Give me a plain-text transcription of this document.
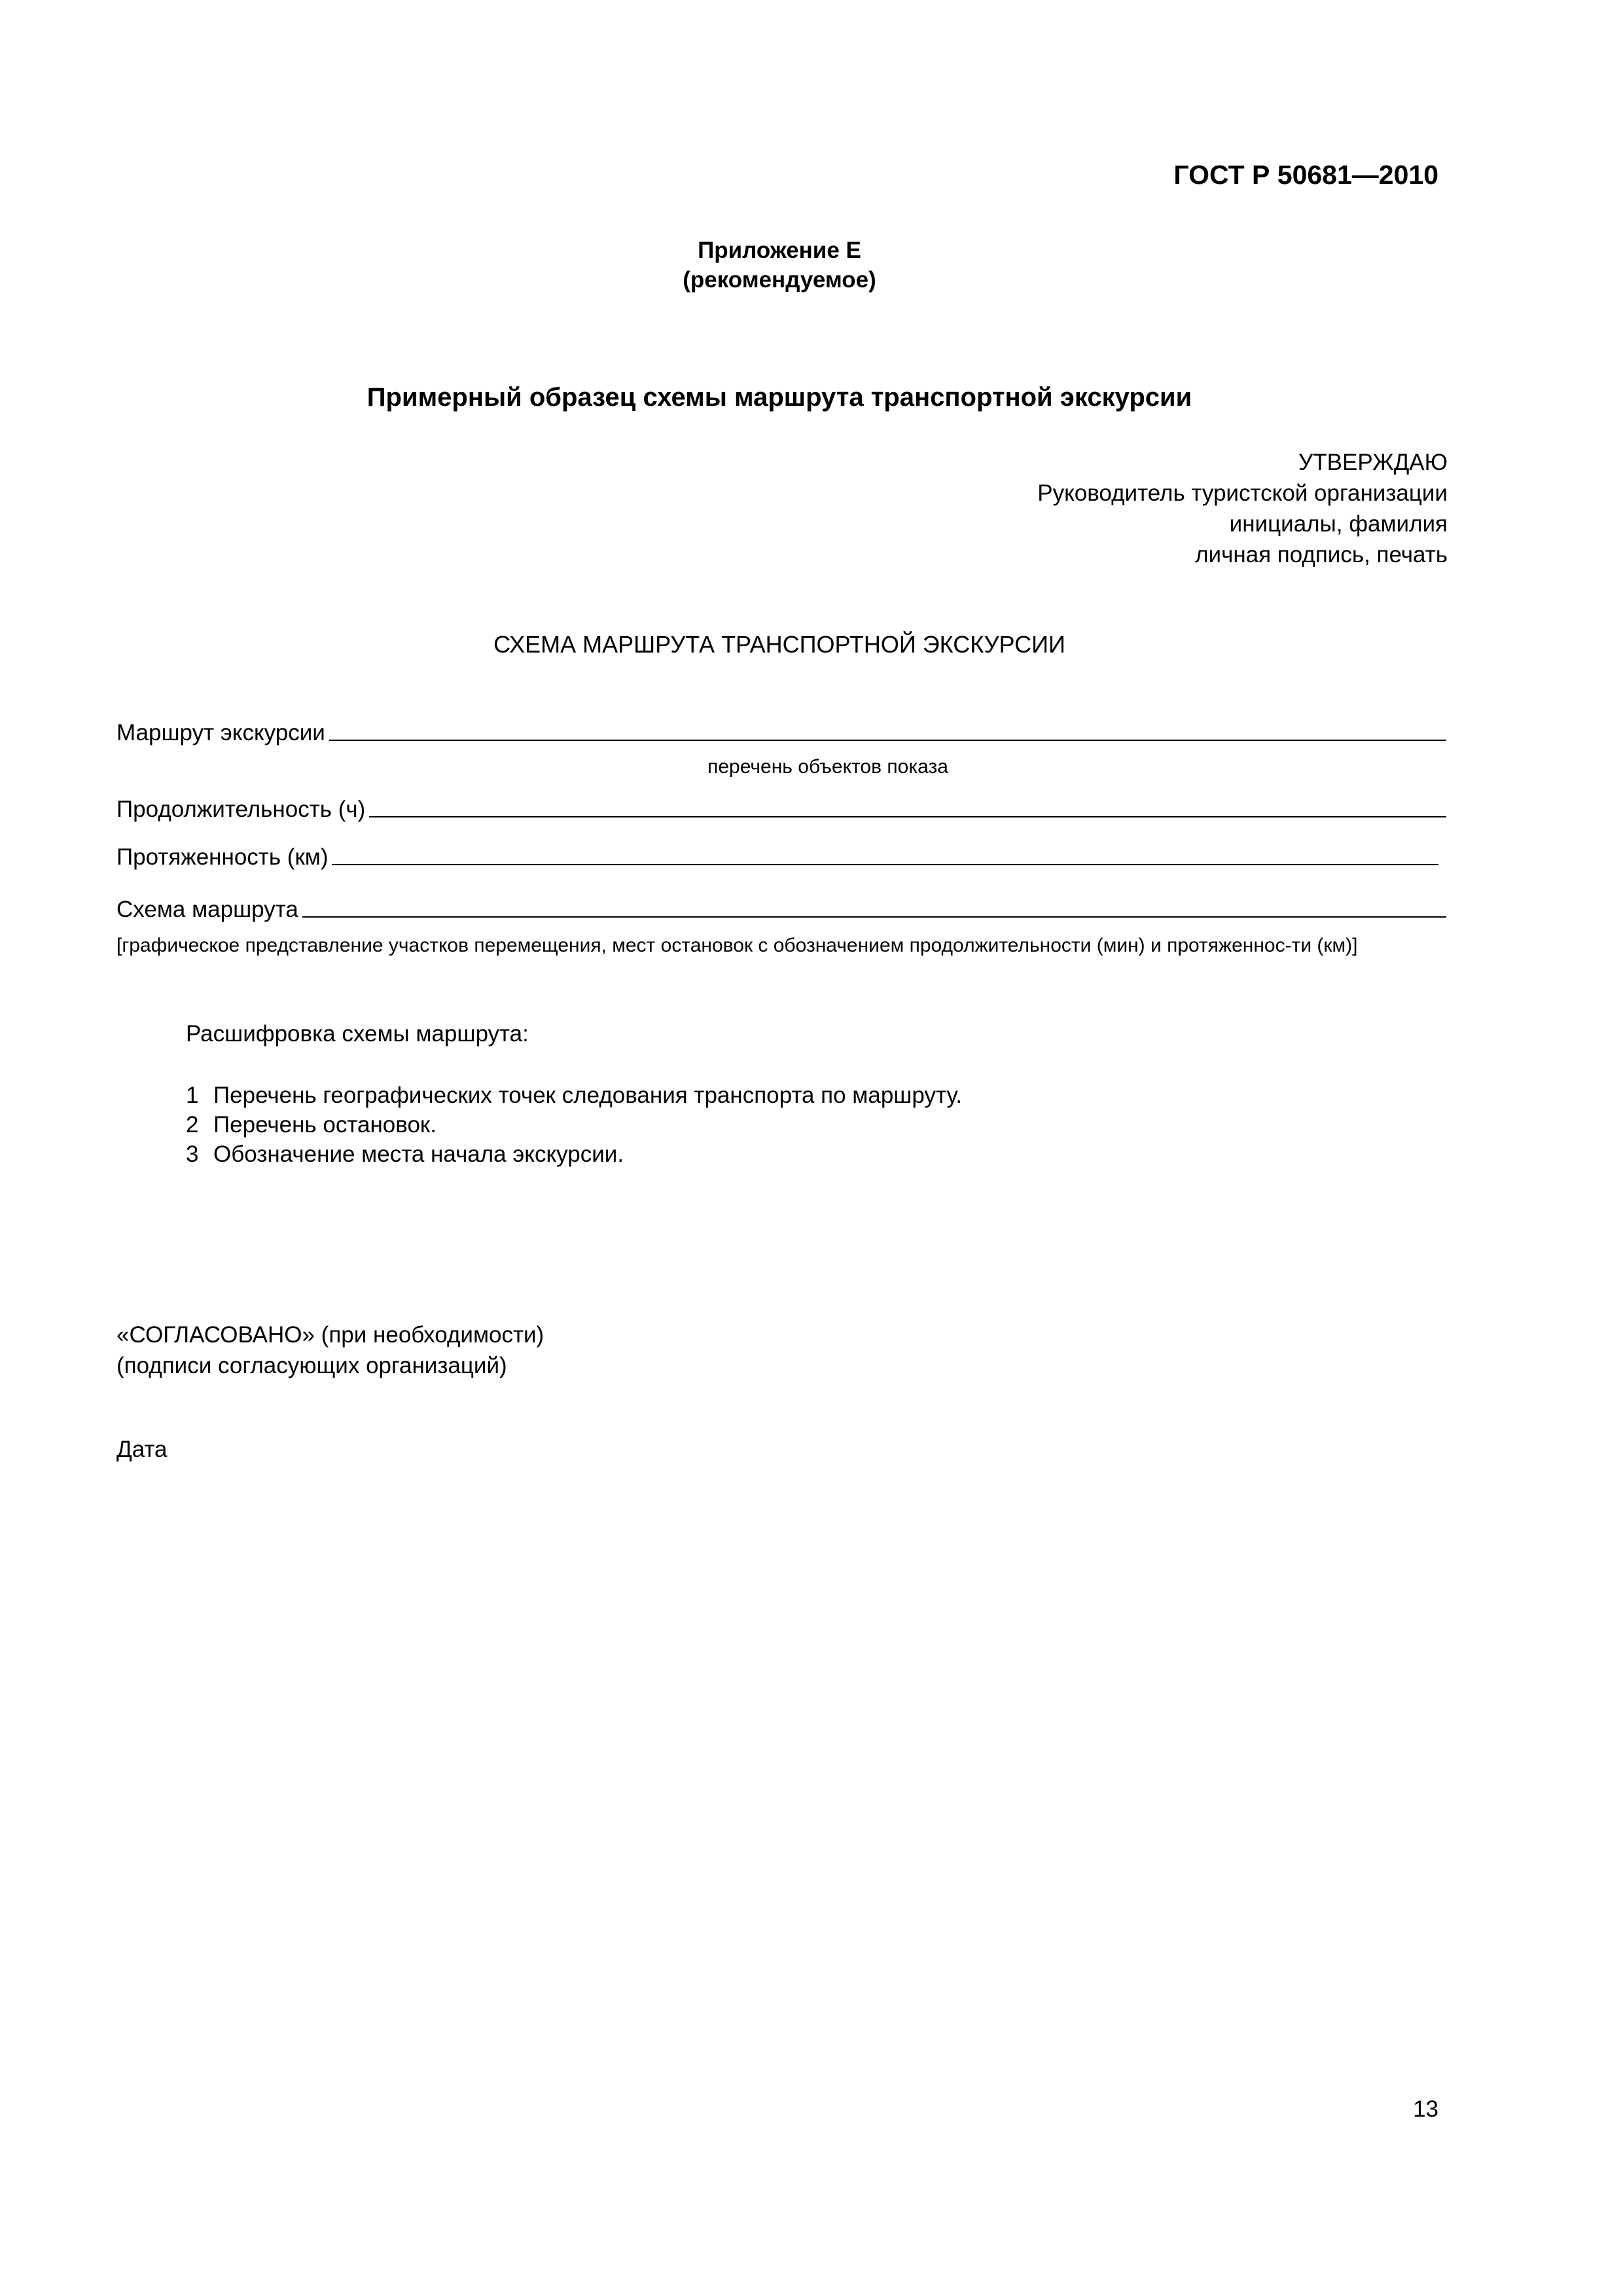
ГОСТ Р 50681—2010
Приложение Е
(рекомендуемое)
Примерный образец схемы маршрута транспортной экскурсии
УТВЕРЖДАЮ
Руководитель туристской организации
инициалы, фамилия
личная подпись, печать
СХЕМА МАРШРУТА ТРАНСПОРТНОЙ ЭКСКУРСИИ
Маршрут экскурсии
перечень объектов показа
Продолжительность (ч)
Протяженность (км)
Схема маршрута
[графическое представление участков перемещения, мест остановок с обозначением продолжительности (мин) и протяженнос-ти (км)]
Расшифровка схемы маршрута:
1 Перечень географических точек следования транспорта по маршруту.
2 Перечень остановок.
3 Обозначение места начала экскурсии.
«СОГЛАСОВАНО» (при необходимости)
(подписи согласующих организаций)
Дата
13
